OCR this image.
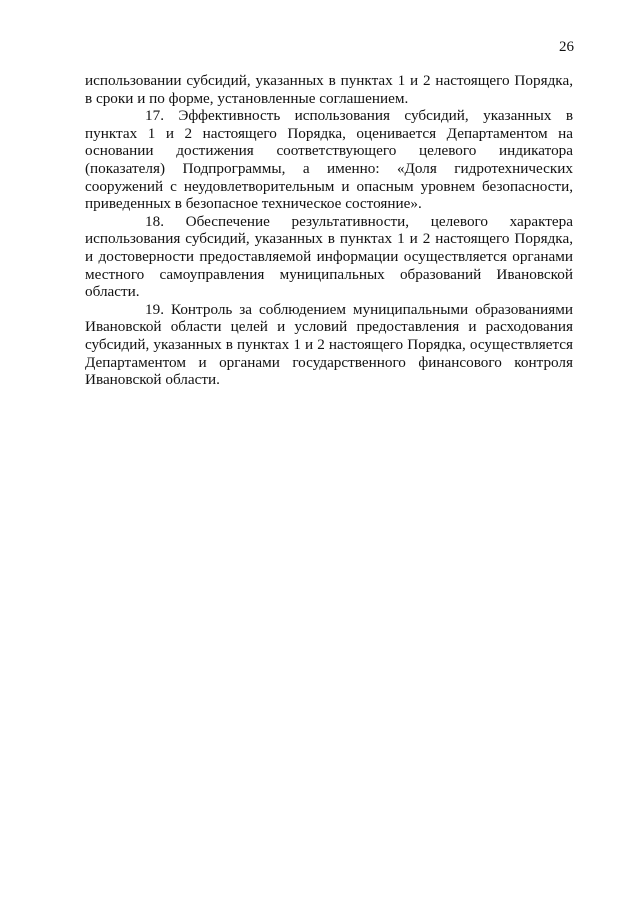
26

использовании субсидий, указанных в пунктах 1 и 2 настоящего Порядка, в сроки и по форме, установленные соглашением.

17. Эффективность использования субсидий, указанных в пунктах 1 и 2 настоящего Порядка, оценивается Департаментом на основании достижения соответствующего целевого индикатора (показателя) Подпрограммы, а именно: «Доля гидротехнических сооружений с неудовлетворительным и опасным уровнем безопасности, приведенных в безопасное техническое состояние».

18. Обеспечение результативности, целевого характера использования субсидий, указанных в пунктах 1 и 2 настоящего Порядка, и достоверности предоставляемой информации осуществляется органами местного самоуправления муниципальных образований Ивановской области.

19. Контроль за соблюдением муниципальными образованиями Ивановской области целей и условий предоставления и расходования субсидий, указанных в пунктах 1 и 2 настоящего Порядка, осуществляется Департаментом и органами государственного финансового контроля Ивановской области.
